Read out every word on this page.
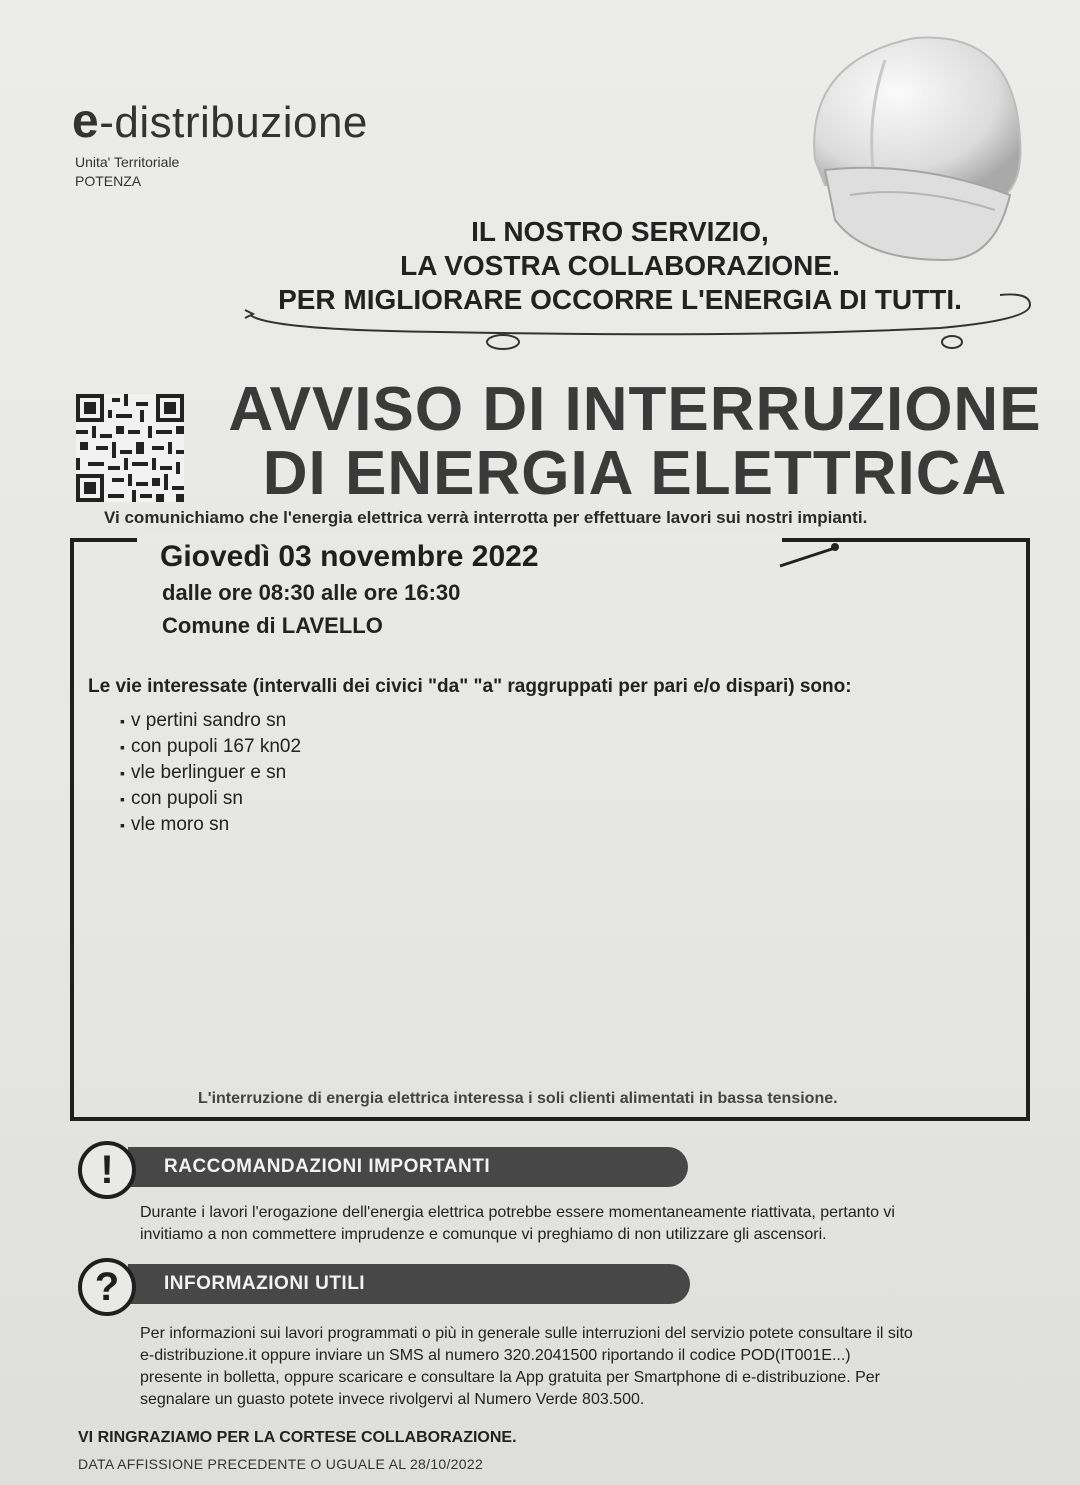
e-distribuzione
Unita' Territoriale
POTENZA
IL NOSTRO SERVIZIO,
LA VOSTRA COLLABORAZIONE.
PER MIGLIORARE OCCORRE L'ENERGIA DI TUTTI.
AVVISO DI INTERRUZIONE
DI ENERGIA ELETTRICA
Vi comunichiamo che l'energia elettrica verrà interrotta per effettuare lavori sui nostri impianti.
Giovedì 03 novembre 2022
dalle ore 08:30 alle ore 16:30
Comune di LAVELLO
Le vie interessate (intervalli dei civici "da" "a" raggruppati per pari e/o dispari) sono:
▪ v pertini sandro sn
▪ con pupoli 167 kn02
▪ vle berlinguer e sn
▪ con pupoli sn
▪ vle moro sn
L'interruzione di energia elettrica interessa i soli clienti alimentati in bassa tensione.
RACCOMANDAZIONI IMPORTANTI
!
Durante i lavori l'erogazione dell'energia elettrica potrebbe essere momentaneamente riattivata, pertanto vi
invitiamo a non commettere imprudenze e comunque vi preghiamo di non utilizzare gli ascensori.
INFORMAZIONI UTILI
?
Per informazioni sui lavori programmati o più in generale sulle interruzioni del servizio potete consultare il sito
e-distribuzione.it oppure inviare un SMS al numero 320.2041500 riportando il codice POD(IT001E...)
presente in bolletta, oppure scaricare e consultare la App gratuita per Smartphone di e-distribuzione. Per
segnalare un guasto potete invece rivolgervi al Numero Verde 803.500.
VI RINGRAZIAMO PER LA CORTESE COLLABORAZIONE.
DATA AFFISSIONE PRECEDENTE O UGUALE AL 28/10/2022
